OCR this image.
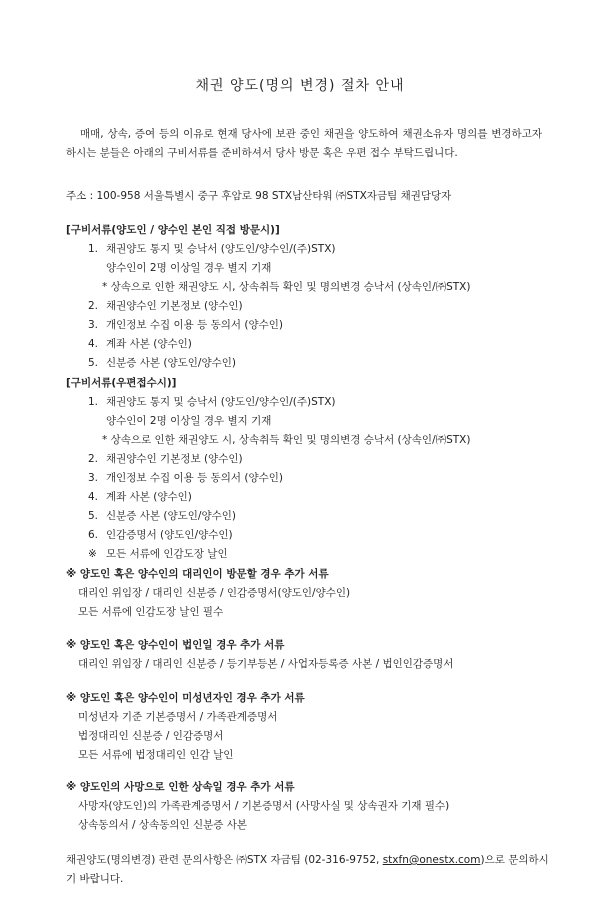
채권 양도(명의 변경) 절차 안내
매매, 상속, 증여 등의 이유로 현재 당사에 보관 중인 채권을 양도하여 채권소유자 명의를 변경하고자 하시는 분들은 아래의 구비서류를 준비하셔서 당사 방문 혹은 우편 접수 부탁드립니다.
주소 : 100-958 서울특별시 중구 후암로 98 STX남산타워 ㈜STX자금팀 채권담당자
[구비서류(양도인 / 양수인 본인 직접 방문시)]
1. 채권양도 통지 및 승낙서 (양도인/양수인/(주)STX)
양수인이 2명 이상일 경우 별지 기재
* 상속으로 인한 채권양도 시, 상속취득 확인 및 명의변경 승낙서 (상속인/㈜STX)
2. 채권양수인 기본정보 (양수인)
3. 개인정보 수집 이용 등 동의서 (양수인)
4. 계좌 사본 (양수인)
5. 신분증 사본 (양도인/양수인)
[구비서류(우편접수시)]
1. 채권양도 통지 및 승낙서 (양도인/양수인/(주)STX)
양수인이 2명 이상일 경우 별지 기재
* 상속으로 인한 채권양도 시, 상속취득 확인 및 명의변경 승낙서 (상속인/㈜STX)
2. 채권양수인 기본정보 (양수인)
3. 개인정보 수집 이용 등 동의서 (양수인)
4. 계좌 사본 (양수인)
5. 신분증 사본 (양도인/양수인)
6. 인감증명서 (양도인/양수인)
※ 모든 서류에 인감도장 날인
※ 양도인 혹은 양수인의 대리인이 방문할 경우 추가 서류
대리인 위임장 / 대리인 신분증 / 인감증명서(양도인/양수인)
모든 서류에 인감도장 날인 필수
※ 양도인 혹은 양수인이 법인일 경우 추가 서류
대리인 위임장 / 대리인 신분증 / 등기부등본 / 사업자등록증 사본 / 법인인감증명서
※ 양도인 혹은 양수인이 미성년자인 경우 추가 서류
미성년자 기준 기본증명서 / 가족관계증명서
법정대리인 신분증 / 인감증명서
모든 서류에 법정대리인 인감 날인
※ 양도인의 사망으로 인한 상속일 경우 추가 서류
사망자(양도인)의 가족관계증명서 / 기본증명서 (사망사실 및 상속권자 기재 필수)
상속동의서 / 상속동의인 신분증 사본
채권양도(명의변경) 관련 문의사항은 ㈜STX 자금팀 (02-316-9752, stxfn@onestx.com)으로 문의하시기 바랍니다.
